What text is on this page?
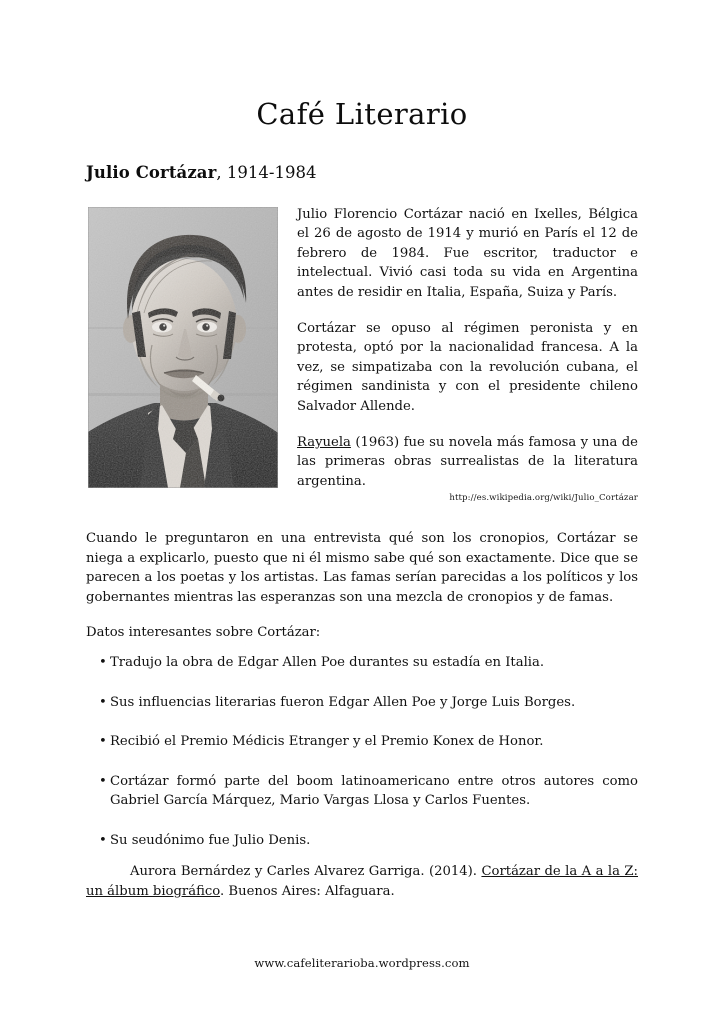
Café Literario
Julio Cortázar, 1914-1984

Julio Florencio Cortázar nació en Ixelles, Bélgica el 26 de agosto de 1914 y murió en París el 12 de febrero de 1984. Fue escritor, traductor e intelectual. Vivió casi toda su vida en Argentina antes de residir en Italia, España, Suiza y París.

Cortázar se opuso al régimen peronista y en protesta, optó por la nacionalidad francesa. A la vez, se simpatizaba con la revolución cubana, el régimen sandinista y con el presidente chileno Salvador Allende.

Rayuela (1963) fue su novela más famosa y una de las primeras obras surrealistas de la literatura argentina.

http://es.wikipedia.org/wiki/Julio_Cortázar

Cuando le preguntaron en una entrevista qué son los cronopios, Cortázar se niega a explicarlo, puesto que ni él mismo sabe qué son exactamente. Dice que se parecen a los poetas y los artistas. Las famas serían parecidas a los políticos y los gobernantes mientras las esperanzas son una mezcla de cronopios y de famas.

Datos interesantes sobre Cortázar:
• Tradujo la obra de Edgar Allen Poe durantes su estadía en Italia.
• Sus influencias literarias fueron Edgar Allen Poe y Jorge Luis Borges.
• Recibió el Premio Médicis Etranger y el Premio Konex de Honor.
• Cortázar formó parte del boom latinoamericano entre otros autores como Gabriel García Márquez, Mario Vargas Llosa y Carlos Fuentes.
• Su seudónimo fue Julio Denis.
Aurora Bernárdez y Carles Alvarez Garriga. (2014). Cortázar de la A a la Z: un álbum biográfico. Buenos Aires: Alfaguara.
www.cafeliterarioba.wordpress.com
